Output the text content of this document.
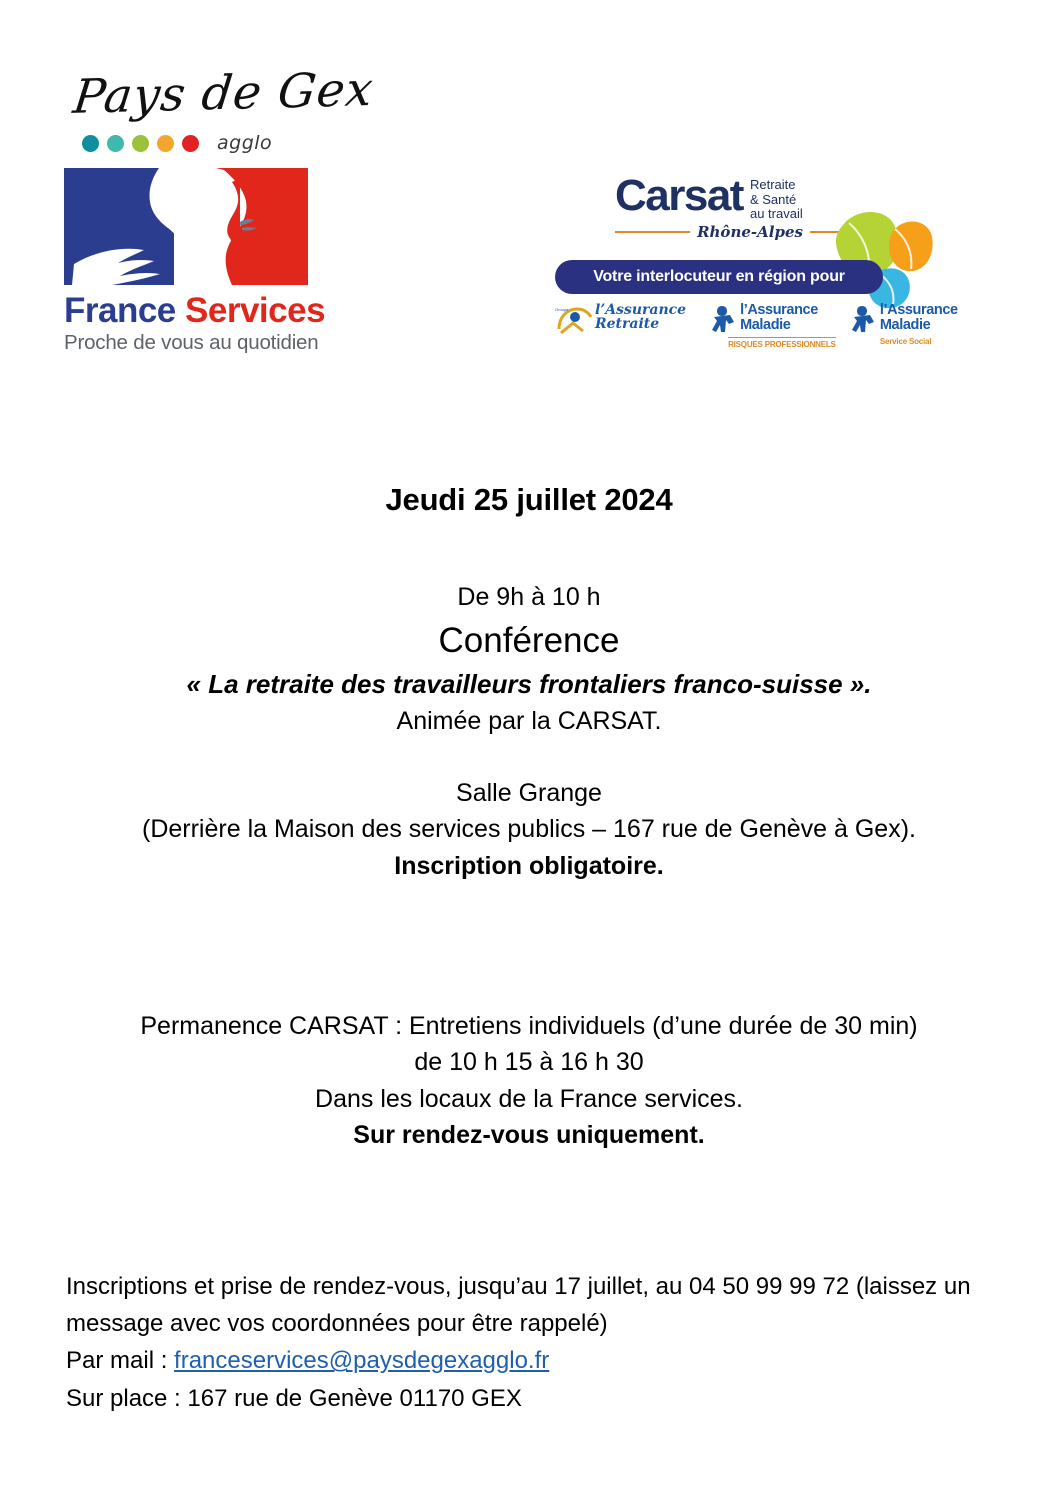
Pays de Gex
agglo
France Services
Proche de vous au quotidien
Carsat Retraite
& Santé
au travail
Rhône-Alpes
Votre interlocuteur en région pour
Groupe l’Assurance
Retraite
l’Assurance
Maladie
RISQUES PROFESSIONNELS
l’Assurance
Maladie
Service Social
Jeudi 25 juillet 2024
De 9h à 10 h
Conférence
« La retraite des travailleurs frontaliers franco-suisse ».
Animée par la CARSAT.
Salle Grange
(Derrière la Maison des services publics – 167 rue de Genève à Gex).
Inscription obligatoire.
Permanence CARSAT : Entretiens individuels (d’une durée de 30 min)
de 10 h 15 à 16 h 30
Dans les locaux de la France services.
Sur rendez-vous uniquement.
Inscriptions et prise de rendez-vous, jusqu’au 17 juillet, au 04 50 99 99 72 (laissez un message avec vos coordonnées pour être rappelé)
Par mail : franceservices@paysdegexagglo.fr
Sur place : 167 rue de Genève 01170 GEX
